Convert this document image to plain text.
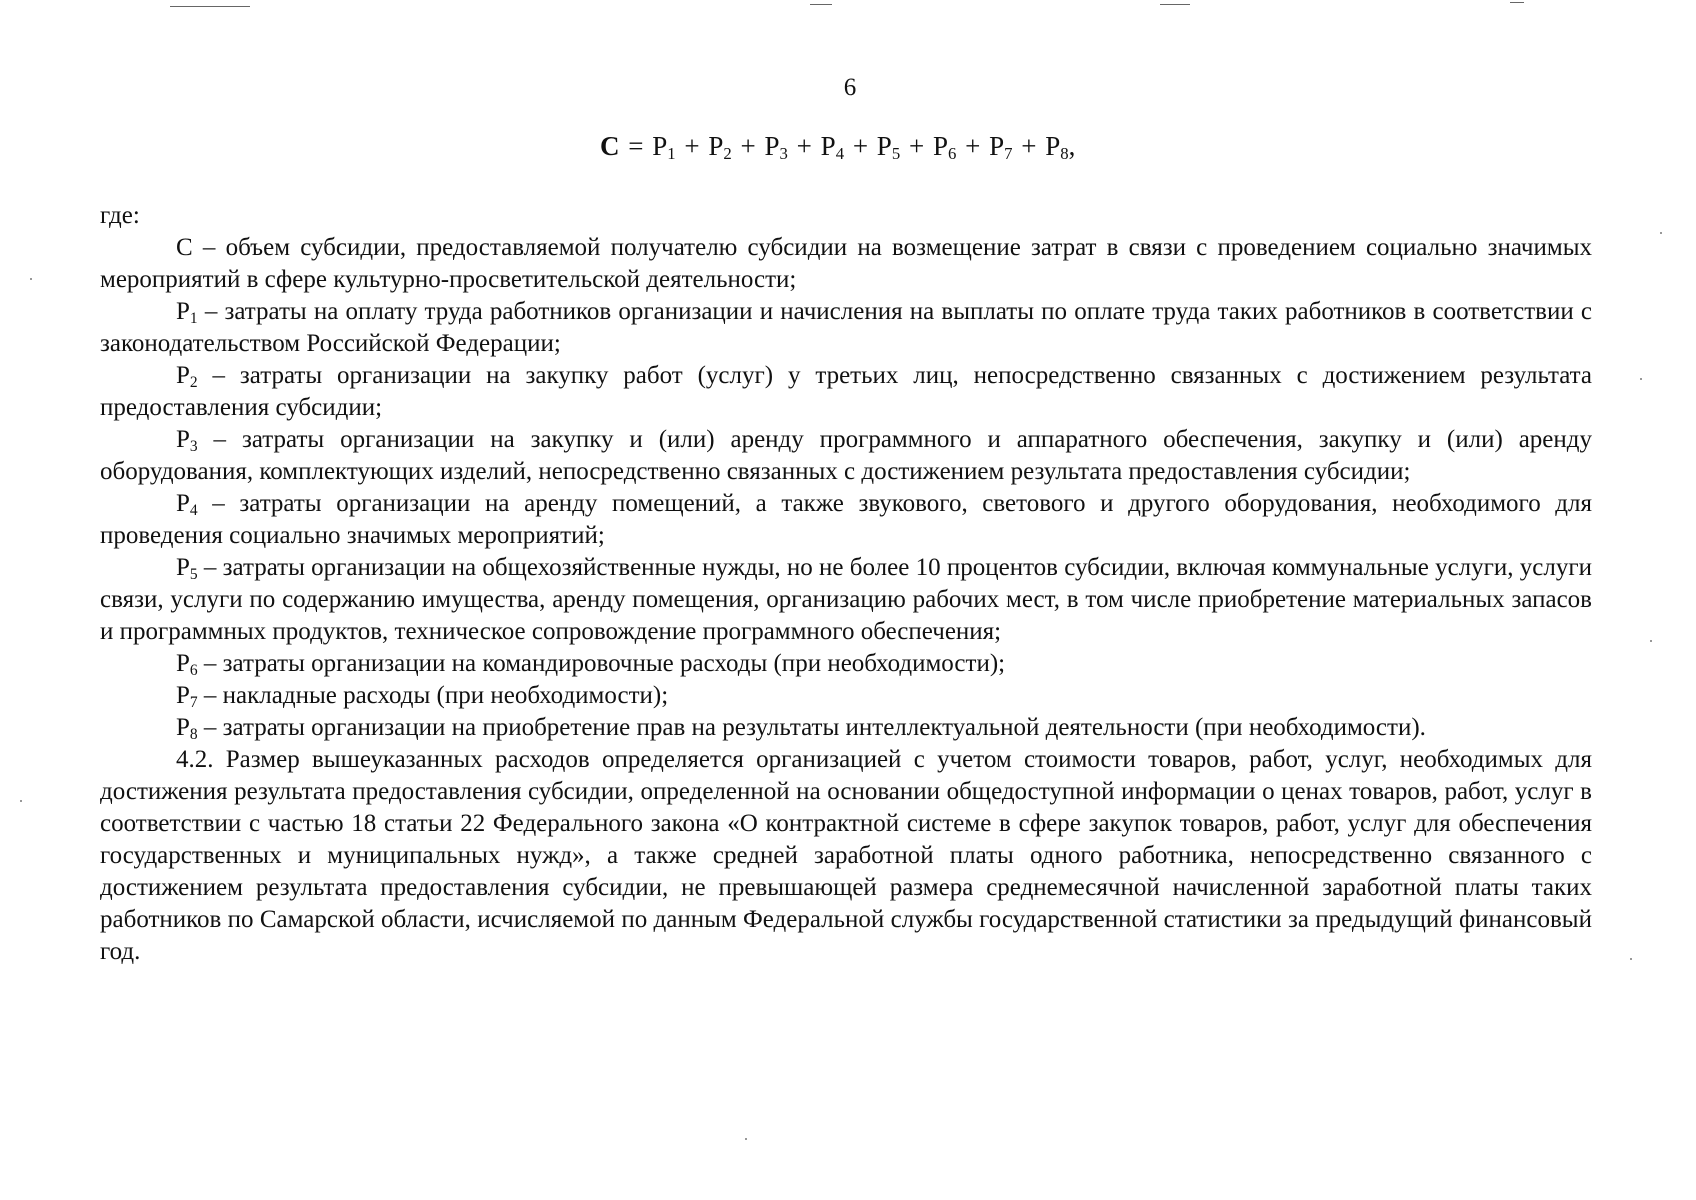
6
$C = P_1 + P_2 + P_3 + P_4 + P_5 + P_6 + P_7 + P_8$,
где:

С – объем субсидии, предоставляемой получателю субсидии на возмещение затрат в связи с проведением социально значимых мероприятий в сфере культурно-просветительской деятельности;

$Р_1$ – затраты на оплату труда работников организации и начисления на выплаты по оплате труда таких работников в соответствии с законодательством Российской Федерации;

$Р_2$ – затраты организации на закупку работ (услуг) у третьих лиц, непосредственно связанных с достижением результата предоставления субсидии;

$Р_3$ – затраты организации на закупку и (или) аренду программного и аппаратного обеспечения, закупку и (или) аренду оборудования, комплектующих изделий, непосредственно связанных с достижением результата предоставления субсидии;

$Р_4$ – затраты организации на аренду помещений, а также звукового, светового и другого оборудования, необходимого для проведения социально значимых мероприятий;

$Р_5$ – затраты организации на общехозяйственные нужды, но не более 10 процентов субсидии, включая коммунальные услуги, услуги связи, услуги по содержанию имущества, аренду помещения, организацию рабочих мест, в том числе приобретение материальных запасов и программных продуктов, техническое сопровождение программного обеспечения;

$Р_6$ – затраты организации на командировочные расходы (при необходимости);

$Р_7$ – накладные расходы (при необходимости);

$Р_8$ – затраты организации на приобретение прав на результаты интеллектуальной деятельности (при необходимости).

4.2. Размер вышеуказанных расходов определяется организацией с учетом стоимости товаров, работ, услуг, необходимых для достижения результата предоставления субсидии, определенной на основании общедоступной информации о ценах товаров, работ, услуг в соответствии с частью 18 статьи 22 Федерального закона «О контрактной системе в сфере закупок товаров, работ, услуг для обеспечения государственных и муниципальных нужд», а также средней заработной платы одного работника, непосредственно связанного с достижением результата предоставления субсидии, не превышающей размера среднемесячной начисленной заработной платы таких работников по Самарской области, исчисляемой по данным Федеральной службы государственной статистики за предыдущий финансовый год.
